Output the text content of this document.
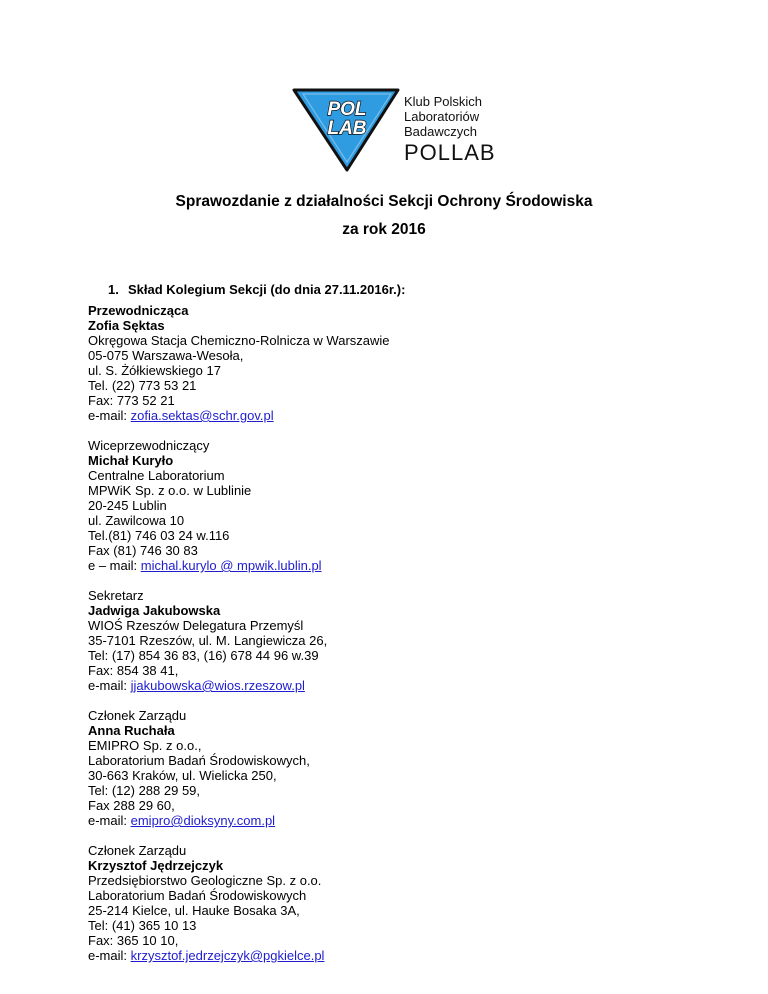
POL
LAB
Klub Polskich
Laboratoriów
Badawczych
POLLAB
Sprawozdanie z działalności Sekcji Ochrony Środowiska
za rok 2016
1. Skład Kolegium Sekcji (do dnia 27.11.2016r.):
Przewodnicząca
Zofia Sęktas
Okręgowa Stacja Chemiczno-Rolnicza w Warszawie
05-075 Warszawa-Wesoła,
ul. S. Żółkiewskiego 17
Tel. (22) 773 53 21
Fax: 773 52 21
e-mail: zofia.sektas@schr.gov.pl
Wiceprzewodniczący
Michał Kuryło
Centralne Laboratorium
MPWiK Sp. z o.o. w Lublinie
20-245 Lublin
ul. Zawilcowa 10
Tel.(81) 746 03 24 w.116
Fax (81) 746 30 83
e – mail: michal.kurylo @ mpwik.lublin.pl
Sekretarz
Jadwiga Jakubowska
WIOŚ Rzeszów Delegatura Przemyśl
35-7101 Rzeszów, ul. M. Langiewicza 26,
Tel: (17) 854 36 83, (16) 678 44 96 w.39
Fax: 854 38 41,
e-mail: jjakubowska@wios.rzeszow.pl
Członek Zarządu
Anna Ruchała
EMIPRO Sp. z o.o.,
Laboratorium Badań Środowiskowych,
30-663 Kraków, ul. Wielicka 250,
Tel: (12) 288 29 59,
Fax 288 29 60,
e-mail: emipro@dioksyny.com.pl
Członek Zarządu
Krzysztof Jędrzejczyk
Przedsiębiorstwo Geologiczne Sp. z o.o.
Laboratorium Badań Środowiskowych
25-214 Kielce, ul. Hauke Bosaka 3A,
Tel: (41) 365 10 13
Fax: 365 10 10,
e-mail: krzysztof.jedrzejczyk@pgkielce.pl
